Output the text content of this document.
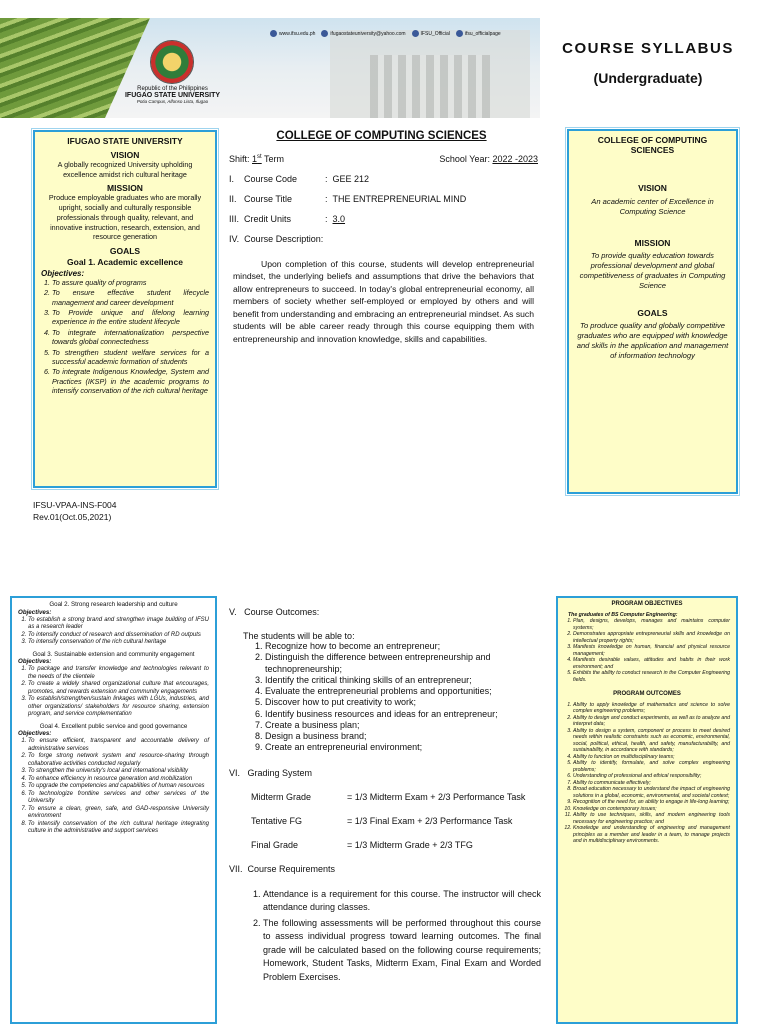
Republic of the Philippines
IFUGAO STATE UNIVERSITY
Potia Campus, Alfonso Lista, Ifugao
www.ifsu.edu.ph	ifugaostateuniversity@yahoo.com	IFSU_Official	ifsu_officialpage
COURSE SYLLABUS
(Undergraduate)
IFUGAO STATE UNIVERSITY
VISION
A globally recognized University upholding excellence amidst rich cultural heritage
MISSION
Produce employable graduates who are morally upright, socially and culturally responsible professionals through quality, relevant, and innovative instruction, research, extension, and resource generation
GOALS
Goal 1. Academic excellence
Objectives:
1. To assure quality of programs
2. To ensure effective student lifecycle management and career development
3. To Provide unique and lifelong learning experience in the entire student lifecycle
4. To integrate internationalization perspective towards global connectedness
5. To strengthen student welfare services for a successful academic formation of students
6. To integrate Indigenous Knowledge, System and Practices (IKSP) in the academic programs to intensify conservation of the rich cultural heritage
IFSU-VPAA-INS-F004
Rev.01(Oct.05,2021)
COLLEGE OF COMPUTING SCIENCES
Shift: 1st Term	School Year: 2022 -2023
I.    Course Code	: GEE 212
II.   Course Title	: THE ENTREPRENEURIAL MIND
III.  Credit Units	: 3.0
IV.  Course Description:
Upon completion of this course, students will develop entrepreneurial mindset, the underlying beliefs and assumptions that drive the behaviors that allow entrepreneurs to succeed. In today's global entrepreneurial economy, all members of society whether self-employed or employed by others and will benefit from understanding and embracing an entrepreneurial mindset. As such students will be able career ready through this course equipping them with entrepreneurship and innovation knowledge, skills and capabilities.
COLLEGE OF COMPUTING SCIENCES
VISION
An academic center of Excellence in Computing Science
MISSION
To provide quality education towards professional development and global competitiveness of graduates in Computing Science
GOALS
To produce quality and globally competitive graduates who are equipped with knowledge and skills in the application and management of information technology
Goal 2. Strong research leadership and culture
Objectives:
1. To establish a strong brand and strengthen image building of IFSU as a research leader
2. To intensify conduct of research and dissemination of RD outputs
3. To intensify conservation of the rich cultural heritage
Goal 3. Sustainable extension and community engagement
Objectives:
1. To package and transfer knowledge and technologies relevant to the needs of the clientele
2. To create a widely shared organizational culture that encourages, promotes, and rewards extension and community engagements
3. To establish/strengthen/sustain linkages with LGUs, industries, and other organizations/ stakeholders for resource sharing, extension program, and service complementation
Goal 4. Excellent public service and good governance
Objectives:
1. To ensure efficient, transparent and accountable delivery of administrative services
2. To forge strong network system and resource-sharing through collaborative activities conducted regularly
3. To strengthen the university's local and international visibility
4. To enhance efficiency in resource generation and mobilization
5. To upgrade the competencies and capabilities of human resources
6. To technologize frontline services and other services of the University
7. To ensure a clean, green, safe, and GAD-responsive University environment
8. To intensify conservation of the rich cultural heritage integrating culture in the administrative and support services
V.   Course Outcomes:
The students will be able to:
1. Recognize how to become an entrepreneur;
2. Distinguish the difference between entrepreneurship and technopreneurship;
3. Identify the critical thinking skills of an entrepreneur;
4. Evaluate the entrepreneurial problems and opportunities;
5. Discover how to put creativity to work;
6. Identify business resources and ideas for an entrepreneur;
7. Create a business plan;
8. Design a business brand;
9. Create an entrepreneurial environment;
VI.   Grading System
Midterm Grade	= 1/3 Midterm Exam + 2/3 Performance Task
Tentative FG	= 1/3 Final Exam + 2/3 Performance Task
Final Grade	= 1/3 Midterm Grade + 2/3 TFG
VII.  Course Requirements
1. Attendance is a requirement for this course. The instructor will check attendance during classes.
2. The following assessments will be performed throughout this course to assess individual progress toward learning outcomes. The final grade will be calculated based on the following course requirements; Homework, Student Tasks, Midterm Exam, Final Exam and Worded Problem Exercises.
PROGRAM OBJECTIVES
The graduates of BS Computer Engineering:
1. Plan, designs, develops, manages and maintains computer systems;
2. Demonstrates appropriate entrepreneurial skills and knowledge on intellectual property rights;
3. Manifests knowledge on human, financial and physical resource management;
4. Manifests desirable values, attitudes and habits in their work environment; and
5. Exhibits the ability to conduct research in the Computer Engineering fields.
PROGRAM OUTCOMES
1. Ability to apply knowledge of mathematics and science to solve complex engineering problems;
2. Ability to design and conduct experiments, as well as to analyze and interpret data;
3. Ability to design a system, component or process to meet desired needs within realistic constraints such as economic, environmental, social, political, ethical, health, and safety, manufacturability, and sustainability, in accordance with standards;
4. Ability to function on multidisciplinary teams;
5. Ability to identify, formulate, and solve complex engineering problems;
6. Understanding of professional and ethical responsibility;
7. Ability to communicate effectively;
8. Broad education necessary to understand the impact of engineering solutions in a global, economic, environmental, and societal context;
9. Recognition of the need for, an ability to engage in life-long learning;
10. Knowledge on contemporary issues;
11. Ability to use techniques, skills, and modern engineering tools necessary for engineering practice; and
12. Knowledge and understanding of engineering and management principles as a member and leader in a team, to manage projects and in multidisciplinary environments.
